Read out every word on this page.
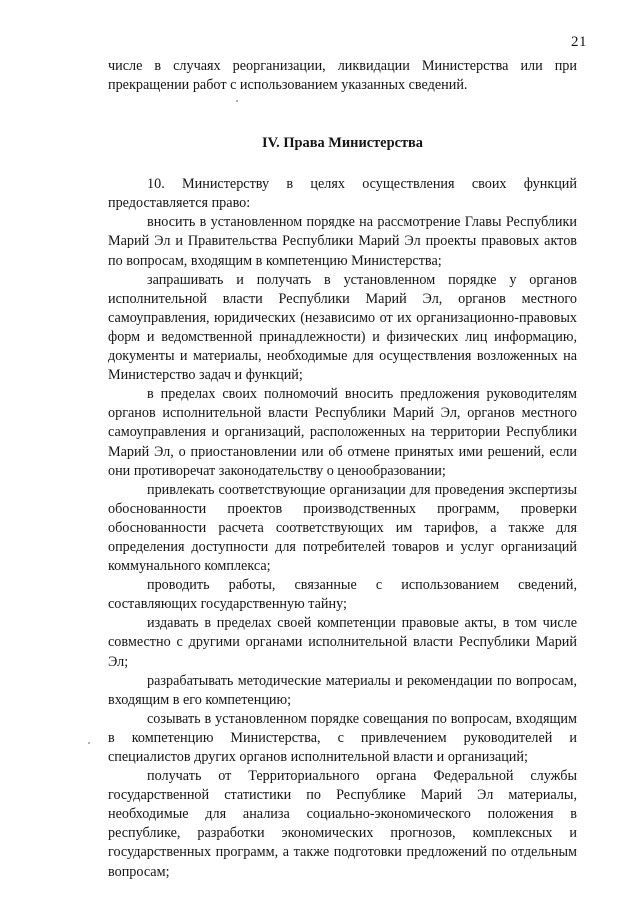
21

числе в случаях реорганизации, ликвидации Министерства или при прекращении работ с использованием указанных сведений.

IV. Права Министерства

10. Министерству в целях осуществления своих функций предоставляется право:

вносить в установленном порядке на рассмотрение Главы Республики Марий Эл и Правительства Республики Марий Эл проекты правовых актов по вопросам, входящим в компетенцию Министерства;

запрашивать и получать в установленном порядке у органов исполнительной власти Республики Марий Эл, органов местного самоуправления, юридических (независимо от их организационно-правовых форм и ведомственной принадлежности) и физических лиц информацию, документы и материалы, необходимые для осуществления возложенных на Министерство задач и функций;

в пределах своих полномочий вносить предложения руководителям органов исполнительной власти Республики Марий Эл, органов местного самоуправления и организаций, расположенных на территории Республики Марий Эл, о приостановлении или об отмене принятых ими решений, если они противоречат законодательству о ценообразовании;

привлекать соответствующие организации для проведения экспертизы обоснованности проектов производственных программ, проверки обоснованности расчета соответствующих им тарифов, а также для определения доступности для потребителей товаров и услуг организаций коммунального комплекса;

проводить работы, связанные с использованием сведений, составляющих государственную тайну;

издавать в пределах своей компетенции правовые акты, в том числе совместно с другими органами исполнительной власти Республики Марий Эл;

разрабатывать методические материалы и рекомендации по вопросам, входящим в его компетенцию;

созывать в установленном порядке совещания по вопросам, входящим в компетенцию Министерства, с привлечением руководителей и специалистов других органов исполнительной власти и организаций;

получать от Территориального органа Федеральной службы государственной статистики по Республике Марий Эл материалы, необходимые для анализа социально-экономического положения в республике, разработки экономических прогнозов, комплексных и государственных программ, а также подготовки предложений по отдельным вопросам;
